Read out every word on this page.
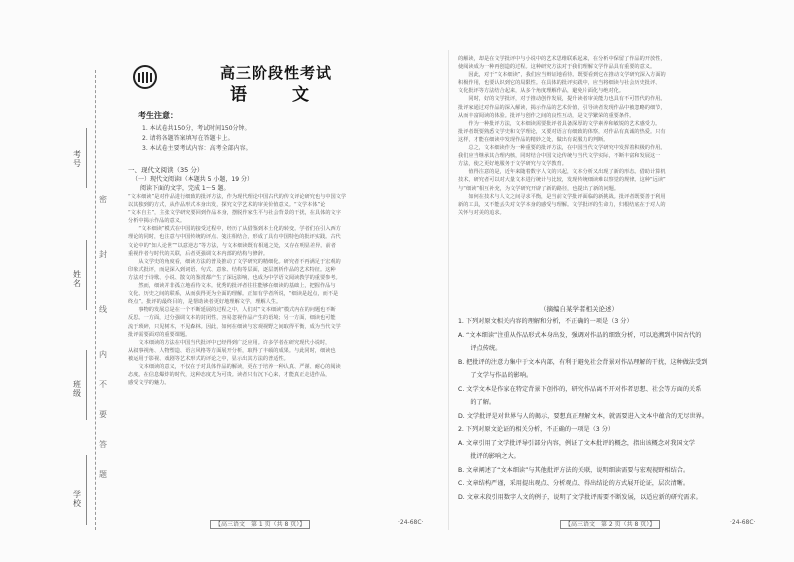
考号
姓名
班级
学校
密
封
线
内
不
要
答
题
高三阶段性考试
语　文
考生注意：
1. 本试卷共150分，考试时间150分钟。
2. 请将各题答案填写在答题卡上。
3. 本试卷主要考试内容：高考全部内容。
一、现代文阅读（35 分）
（一）现代文阅读Ⅰ（本题共 5 小题，19 分）
阅读下面的文字，完成 1～5 题。
“文本细读”是对作品进行细致的批评方法，作为现代理论中国古代的传文评论研究也与中国文学
以其独到的方式，从作品形式本身出发，探究文学艺术的审美价值意义。“文学本体”论
“文本自主”，主张文学研究要回到作品本身，摆脱作家生平与社会背景的干扰，在具体的文字
分析中揭示作品的意义。
　　“文本细读”模式在中国的接受过程中，经历了从借鉴到本土化的转变。学者们在引入西方
理论的同时，也注意与中国传统的评点、笺注相结合，形成了具有中国特色的批评实践。古代
文论中的“知人论世”“以意逆志”等方法，与文本细读既有相通之处，又存在明显差异。前者
重视作者与时代的关联，后者更强调文本内部的结构与修辞。
　　从文学史的角度看，细读方法的普及推动了文学研究的精细化。研究者不再满足于宏观的
印象式批评，而是深入到词语、句式、意象、结构等层面，逐层剖析作品的艺术特征。这种
方法对于诗歌、小说、散文的鉴赏都产生了深远影响，也成为中学语文阅读教学的重要参考。
　　然而，细读并非孤立地看待文本。优秀的批评者往往能够在细读的基础上，把握作品与
文化、历史之间的联系，从而获得更为全面的理解。正如有学者所说，“细读是起点，而不是
终点”。批评的最终目的，是帮助读者更好地理解文学，理解人生。
　　事物的发展总是在一个不断延展的过程之中，人们对“文本细读”模式内在的问题也不断
反思。一方面，过分强调文本的封闭性，容易忽视作品产生的语境；另一方面，细读也可能
流于琐碎，只见树木，不见森林。因此，如何在细读与宏观视野之间取得平衡，成为当代文学
批评需要面对的重要课题。
　　文本细读的方法在中国当代批评中已经得到广泛应用。许多学者在研究现代小说时，
从叙事视角、人物塑造、语言风格等方面展开分析，取得了丰硕的成果。与此同时，细读也
被运用于影视、戏剧等艺术形式的评论之中，显示出其方法的普适性。
　　文本细读的意义，不仅在于对具体作品的解读，更在于培养一种认真、严谨、耐心的阅读
态度。在信息爆炸的时代，这种态度尤为可贵。读者只有沉下心来，才能真正走进作品，
感受文学的魅力。
的解读，却是在文学批评中与小说中的艺术思维联系起来，在分析中保留了作品的开放性，
使阅读成为一种再创造的过程。这种研究方法对于我们理解文学作品具有重要的意义。
　　因此，对于“文本细读”，我们应当辩证地看待。既要看到它在推动文学研究深入方面的
积极作用，也要认识到它的局限性。在具体的批评实践中，应当将细读与社会历史批评、
文化批评等方法结合起来，从多个角度理解作品，避免片面化与绝对化。
　　同时，好的文学批评，对于推动创作发展，提升读者审美能力也具有不可替代的作用。
批评家通过对作品的深入解读，揭示作品的艺术价值，引导读者发现作品中被忽略的细节，
从而丰富阅读的体验。批评与创作之间的良性互动，是文学繁荣的重要条件。
　　作为一种批评方法，文本细读需要批评者具备深厚的文学素养和敏锐的艺术感受力。
批评者既要熟悉文学史和文学理论，又要对语言有细致的体察，对作品有真诚的热爱。只有
这样，才能在细读中发现作品的精妙之处，做出有说服力的判断。
　　总之，文本细读作为一种重要的批评方法，在中国当代文学研究中发挥着积极的作用。
我们应当继承其合理内核，同时结合中国文论传统与当代文学实际，不断丰富和发展这一
方法，使之更好地服务于文学研究与文学教育。
　　值得注意的是，近年来随着数字人文的兴起，文本分析又出现了新的形态。借助计算机
技术，研究者可以对大量文本进行统计与比较，发现传统细读难以察觉的规律。这种“远读”
与“细读”相互补充，为文学研究开辟了新的路径，也提出了新的问题。
　　如何在技术与人文之间寻求平衡，是当前文学批评面临的新挑战。批评者既要善于利用
新的工具，又不能丢失对文学本身的感受与理解。文学批评的生命力，归根结底在于对人的
关怀与对美的追求。
（摘编自某学者相关论述）
1. 下列对原文相关内容的理解和分析，不正确的一项是（3 分）
A. “文本细读”注重从作品形式本身出发，强调对作品的细致分析，可以追溯到中国古代的
　　评点传统。
B. 把批评的注意力集中于文本内部，有利于避免社会背景对作品理解的干扰，这种做法受到
　　了文学与作品的影响。
C. 文学文本是作家在特定背景下创作的，研究作品离不开对作者思想、社会等方面的关系
　　的了解。
D. 文学批评是对世界与人的揭示，要想真正理解文本，就需要进入文本中蕴含的无尽世界。
2. 下列对原文论证的相关分析，不正确的一项是（3 分）
A. 文章引用了文学批评导引部分内容，例证了文本批评的概念，指出该概念对我国文学
　　批评的影响之大。
B. 文章阐述了“文本细读”与其他批评方法的关联，说明细读需要与宏观视野相结合。
C. 文章结构严谨，采用提出观点、分析观点、得出结论的方式展开论证，层次清晰。
D. 文章末段引用数字人文的例子，说明了文学批评需要不断发展，以适应新的研究需求。
【高三语文　第 1 页（共 8 页）】	·24-68C·	【高三语文　第 2 页（共 8 页）】	·24-68C·
